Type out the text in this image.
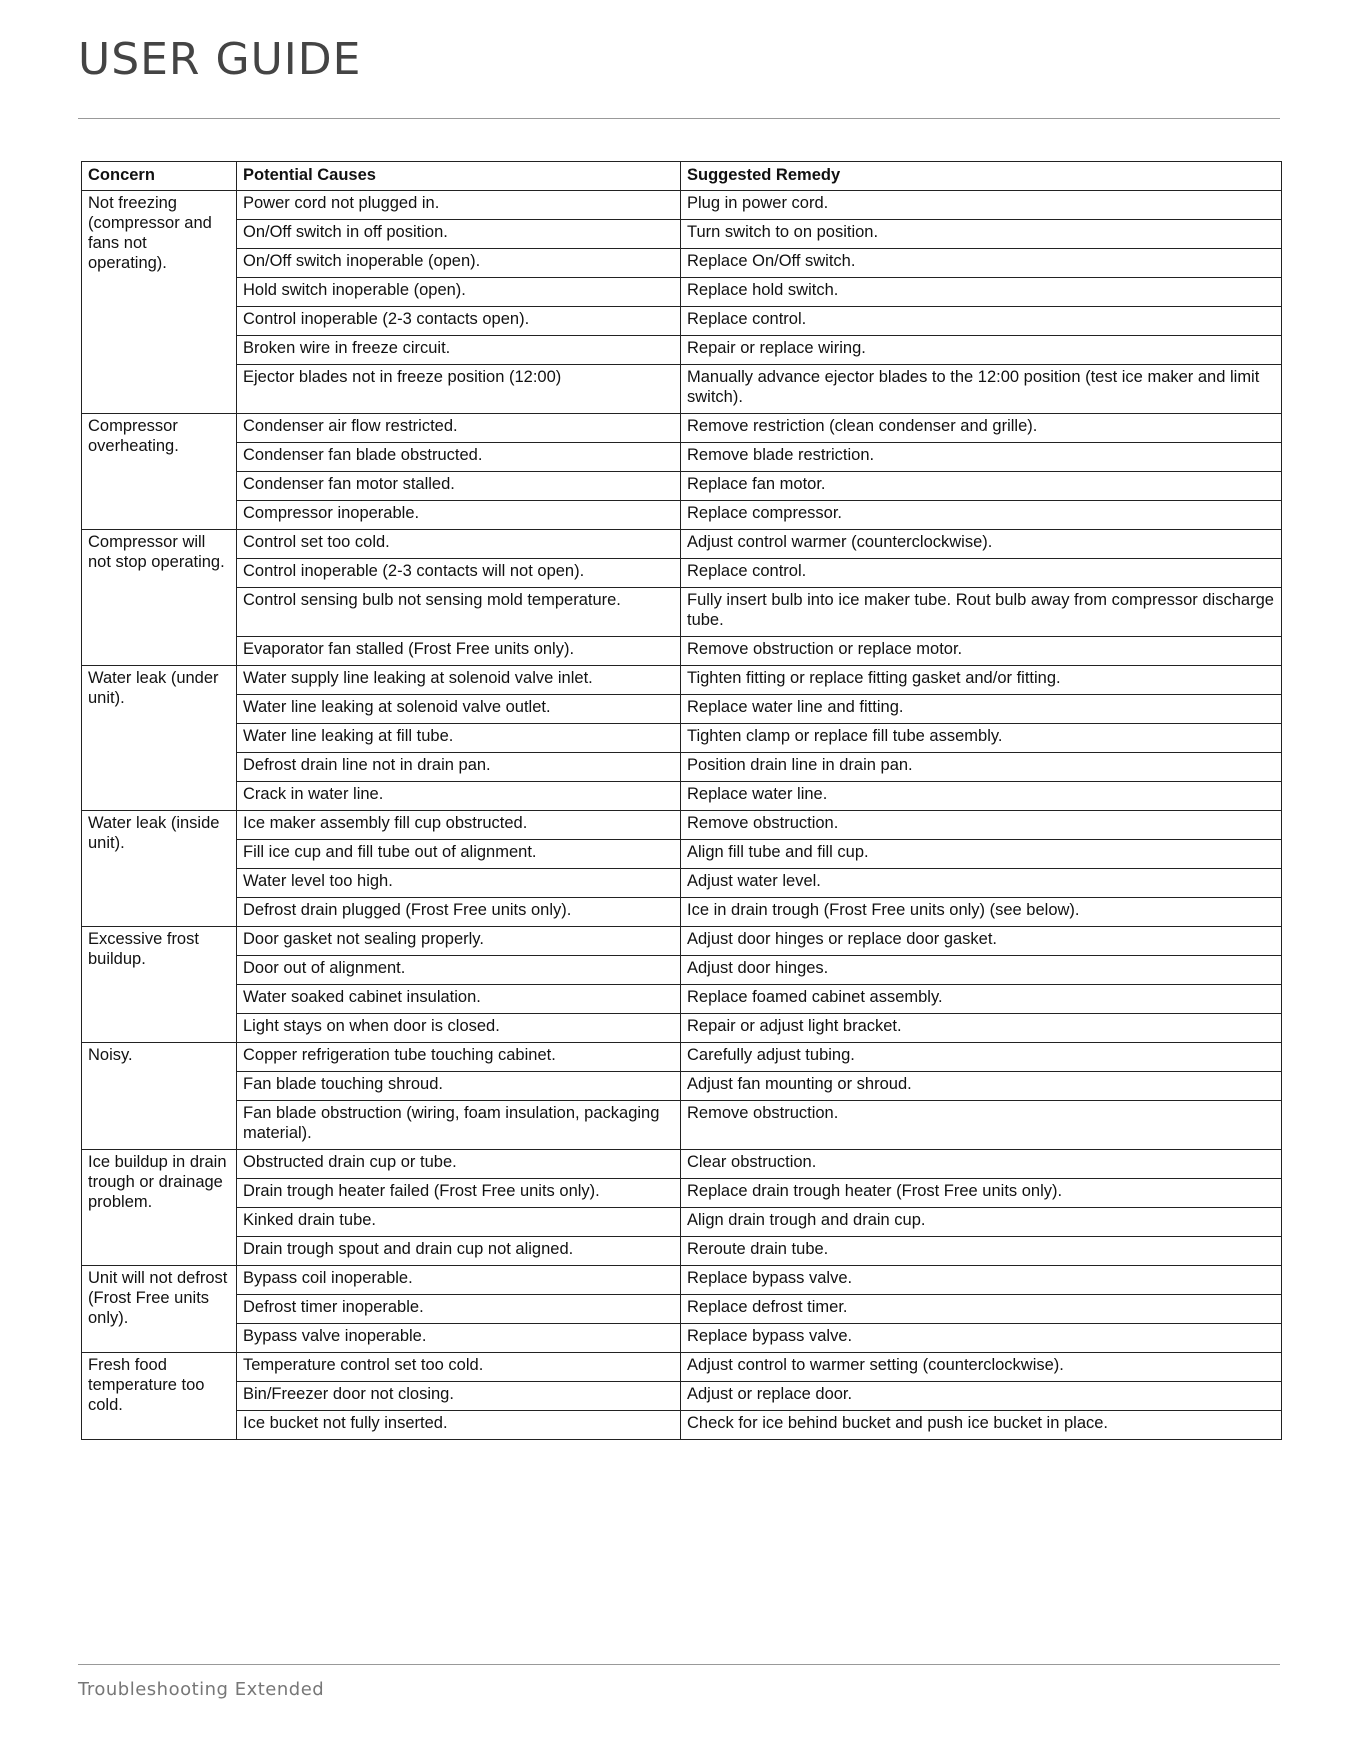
USER GUIDE
Concern	Potential Causes	Suggested Remedy
Not freezing (compressor and fans not operating).	Power cord not plugged in.	Plug in power cord.
	On/Off switch in off position.	Turn switch to on position.
	On/Off switch inoperable (open).	Replace On/Off switch.
	Hold switch inoperable (open).	Replace hold switch.
	Control inoperable (2-3 contacts open).	Replace control.
	Broken wire in freeze circuit.	Repair or replace wiring.
	Ejector blades not in freeze position (12:00)	Manually advance ejector blades to the 12:00 position (test ice maker and limit switch).
Compressor overheating.	Condenser air flow restricted.	Remove restriction (clean condenser and grille).
	Condenser fan blade obstructed.	Remove blade restriction.
	Condenser fan motor stalled.	Replace fan motor.
	Compressor inoperable.	Replace compressor.
Compressor will not stop operating.	Control set too cold.	Adjust control warmer (counterclockwise).
	Control inoperable (2-3 contacts will not open).	Replace control.
	Control sensing bulb not sensing mold temperature.	Fully insert bulb into ice maker tube. Rout bulb away from compressor discharge tube.
	Evaporator fan stalled (Frost Free units only).	Remove obstruction or replace motor.
Water leak (under unit).	Water supply line leaking at solenoid valve inlet.	Tighten fitting or replace fitting gasket and/or fitting.
	Water line leaking at solenoid valve outlet.	Replace water line and fitting.
	Water line leaking at fill tube.	Tighten clamp or replace fill tube assembly.
	Defrost drain line not in drain pan.	Position drain line in drain pan.
	Crack in water line.	Replace water line.
Water leak (inside unit).	Ice maker assembly fill cup obstructed.	Remove obstruction.
	Fill ice cup and fill tube out of alignment.	Align fill tube and fill cup.
	Water level too high.	Adjust water level.
	Defrost drain plugged (Frost Free units only).	Ice in drain trough (Frost Free units only) (see below).
Excessive frost buildup.	Door gasket not sealing properly.	Adjust door hinges or replace door gasket.
	Door out of alignment.	Adjust door hinges.
	Water soaked cabinet insulation.	Replace foamed cabinet assembly.
	Light stays on when door is closed.	Repair or adjust light bracket.
Noisy.	Copper refrigeration tube touching cabinet.	Carefully adjust tubing.
	Fan blade touching shroud.	Adjust fan mounting or shroud.
	Fan blade obstruction (wiring, foam insulation, packaging material).	Remove obstruction.
Ice buildup in drain trough or drainage problem.	Obstructed drain cup or tube.	Clear obstruction.
	Drain trough heater failed (Frost Free units only).	Replace drain trough heater (Frost Free units only).
	Kinked drain tube.	Align drain trough and drain cup.
	Drain trough spout and drain cup not aligned.	Reroute drain tube.
Unit will not defrost (Frost Free units only).	Bypass coil inoperable.	Replace bypass valve.
	Defrost timer inoperable.	Replace defrost timer.
	Bypass valve inoperable.	Replace bypass valve.
Fresh food temperature too cold.	Temperature control set too cold.	Adjust control to warmer setting (counterclockwise).
	Bin/Freezer door not closing.	Adjust or replace door.
	Ice bucket not fully inserted.	Check for ice behind bucket and push ice bucket in place.
Troubleshooting Extended
